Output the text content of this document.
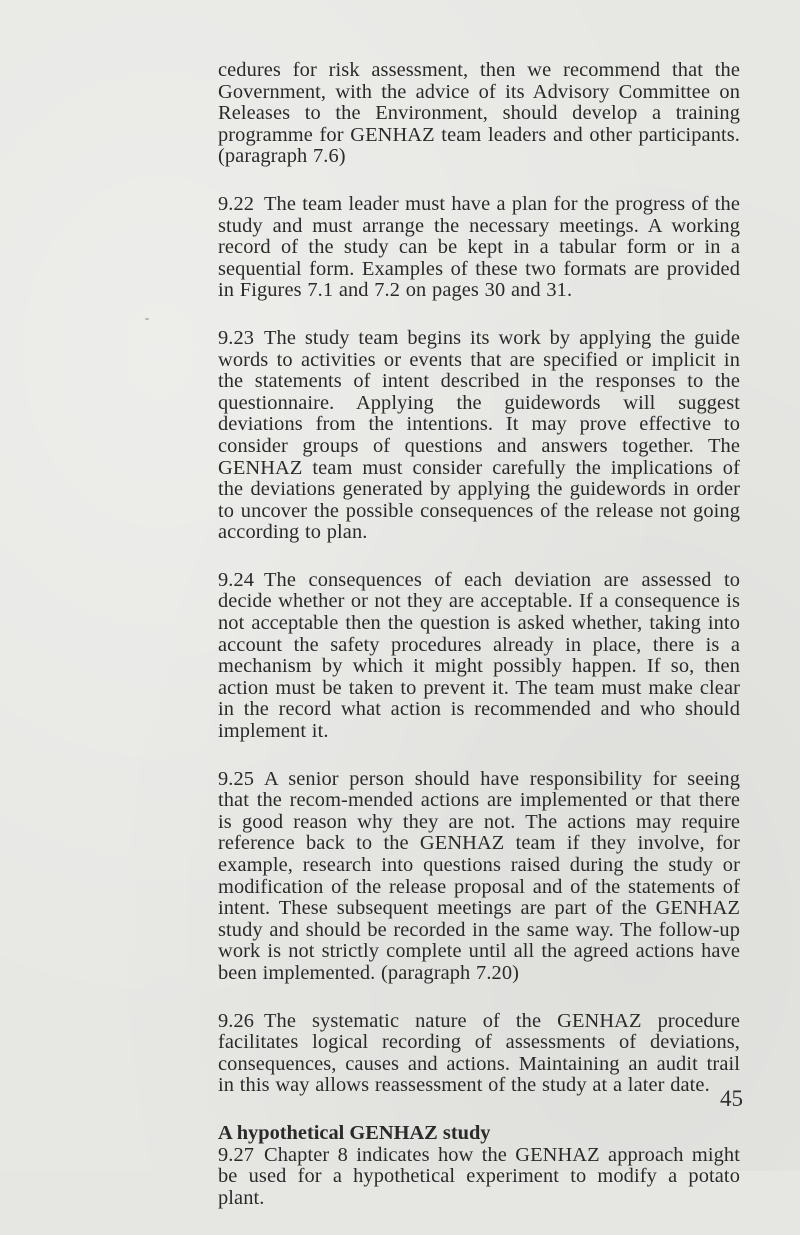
cedures for risk assessment, then we recommend that the Government, with the advice of its Advisory Committee on Releases to the Environment, should develop a training programme for GENHAZ team leaders and other participants. (paragraph 7.6)

9.22 The team leader must have a plan for the progress of the study and must arrange the necessary meetings. A working record of the study can be kept in a tabular form or in a sequential form. Examples of these two formats are provided in Figures 7.1 and 7.2 on pages 30 and 31.

9.23 The study team begins its work by applying the guide words to activities or events that are specified or implicit in the statements of intent described in the responses to the questionnaire. Applying the guidewords will suggest deviations from the intentions. It may prove effective to consider groups of questions and answers together. The GENHAZ team must consider carefully the implications of the deviations generated by applying the guidewords in order to uncover the possible consequences of the release not going according to plan.

9.24 The consequences of each deviation are assessed to decide whether or not they are acceptable. If a consequence is not acceptable then the question is asked whether, taking into account the safety procedures already in place, there is a mechanism by which it might possibly happen. If so, then action must be taken to prevent it. The team must make clear in the record what action is recommended and who should implement it.

9.25 A senior person should have responsibility for seeing that the recom-mended actions are implemented or that there is good reason why they are not. The actions may require reference back to the GENHAZ team if they involve, for example, research into questions raised during the study or modification of the release proposal and of the statements of intent. These subsequent meetings are part of the GENHAZ study and should be recorded in the same way. The follow-up work is not strictly complete until all the agreed actions have been implemented. (paragraph 7.20)

9.26 The systematic nature of the GENHAZ procedure facilitates logical recording of assessments of deviations, consequences, causes and actions. Maintaining an audit trail in this way allows reassessment of the study at a later date.

A hypothetical GENHAZ study

9.27 Chapter 8 indicates how the GENHAZ approach might be used for a hypothetical experiment to modify a potato plant.

45
